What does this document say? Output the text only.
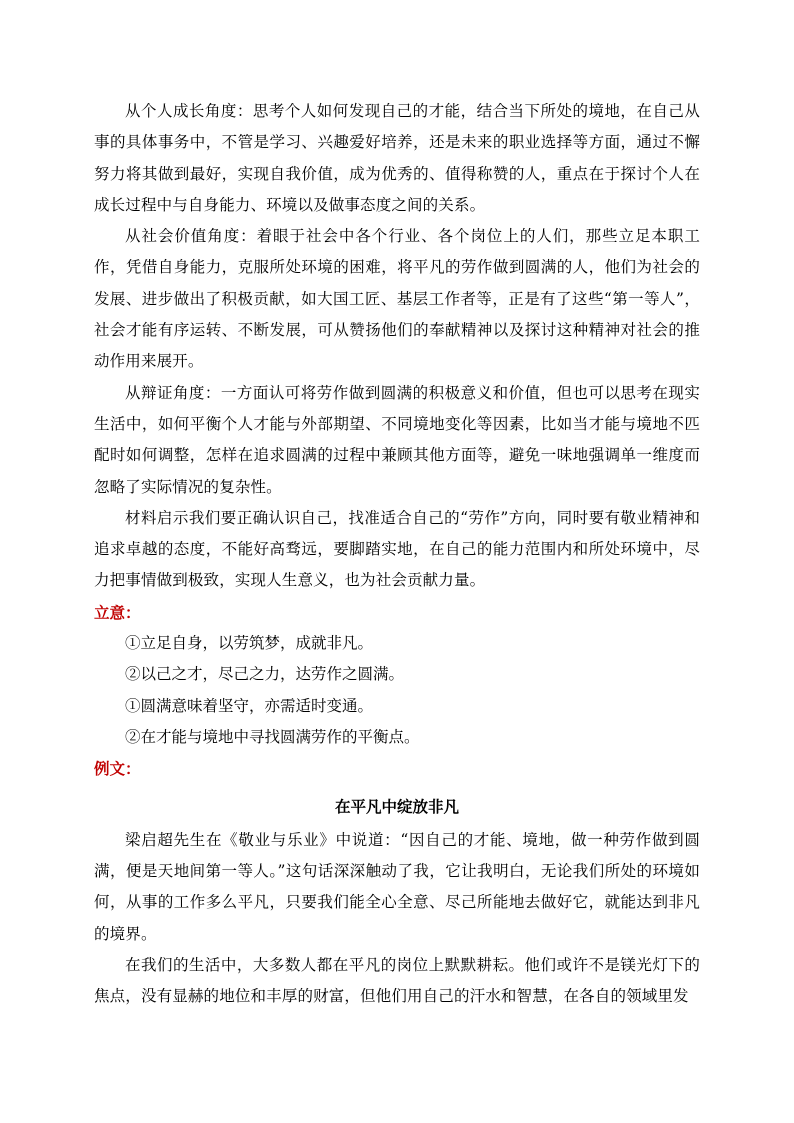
从个人成长角度：思考个人如何发现自己的才能，结合当下所处的境地，在自己从事的具体事务中，不管是学习、兴趣爱好培养，还是未来的职业选择等方面，通过不懈努力将其做到最好，实现自我价值，成为优秀的、值得称赞的人，重点在于探讨个人在成长过程中与自身能力、环境以及做事态度之间的关系。

从社会价值角度：着眼于社会中各个行业、各个岗位上的人们，那些立足本职工作，凭借自身能力，克服所处环境的困难，将平凡的劳作做到圆满的人，他们为社会的发展、进步做出了积极贡献，如大国工匠、基层工作者等，正是有了这些“第一等人”，社会才能有序运转、不断发展，可从赞扬他们的奉献精神以及探讨这种精神对社会的推动作用来展开。

从辩证角度：一方面认可将劳作做到圆满的积极意义和价值，但也可以思考在现实生活中，如何平衡个人才能与外部期望、不同境地变化等因素，比如当才能与境地不匹配时如何调整，怎样在追求圆满的过程中兼顾其他方面等，避免一味地强调单一维度而忽略了实际情况的复杂性。

材料启示我们要正确认识自己，找准适合自己的“劳作”方向，同时要有敬业精神和追求卓越的态度，不能好高骛远，要脚踏实地，在自己的能力范围内和所处环境中，尽力把事情做到极致，实现人生意义，也为社会贡献力量。

立意：

①立足自身，以劳筑梦，成就非凡。

②以己之才，尽己之力，达劳作之圆满。

①圆满意味着坚守，亦需适时变通。

②在才能与境地中寻找圆满劳作的平衡点。

例文：

在平凡中绽放非凡

梁启超先生在《敬业与乐业》中说道：“因自己的才能、境地，做一种劳作做到圆满，便是天地间第一等人。”这句话深深触动了我，它让我明白，无论我们所处的环境如何，从事的工作多么平凡，只要我们能全心全意、尽己所能地去做好它，就能达到非凡的境界。

在我们的生活中，大多数人都在平凡的岗位上默默耕耘。他们或许不是镁光灯下的焦点，没有显赫的地位和丰厚的财富，但他们用自己的汗水和智慧，在各自的领域里发
